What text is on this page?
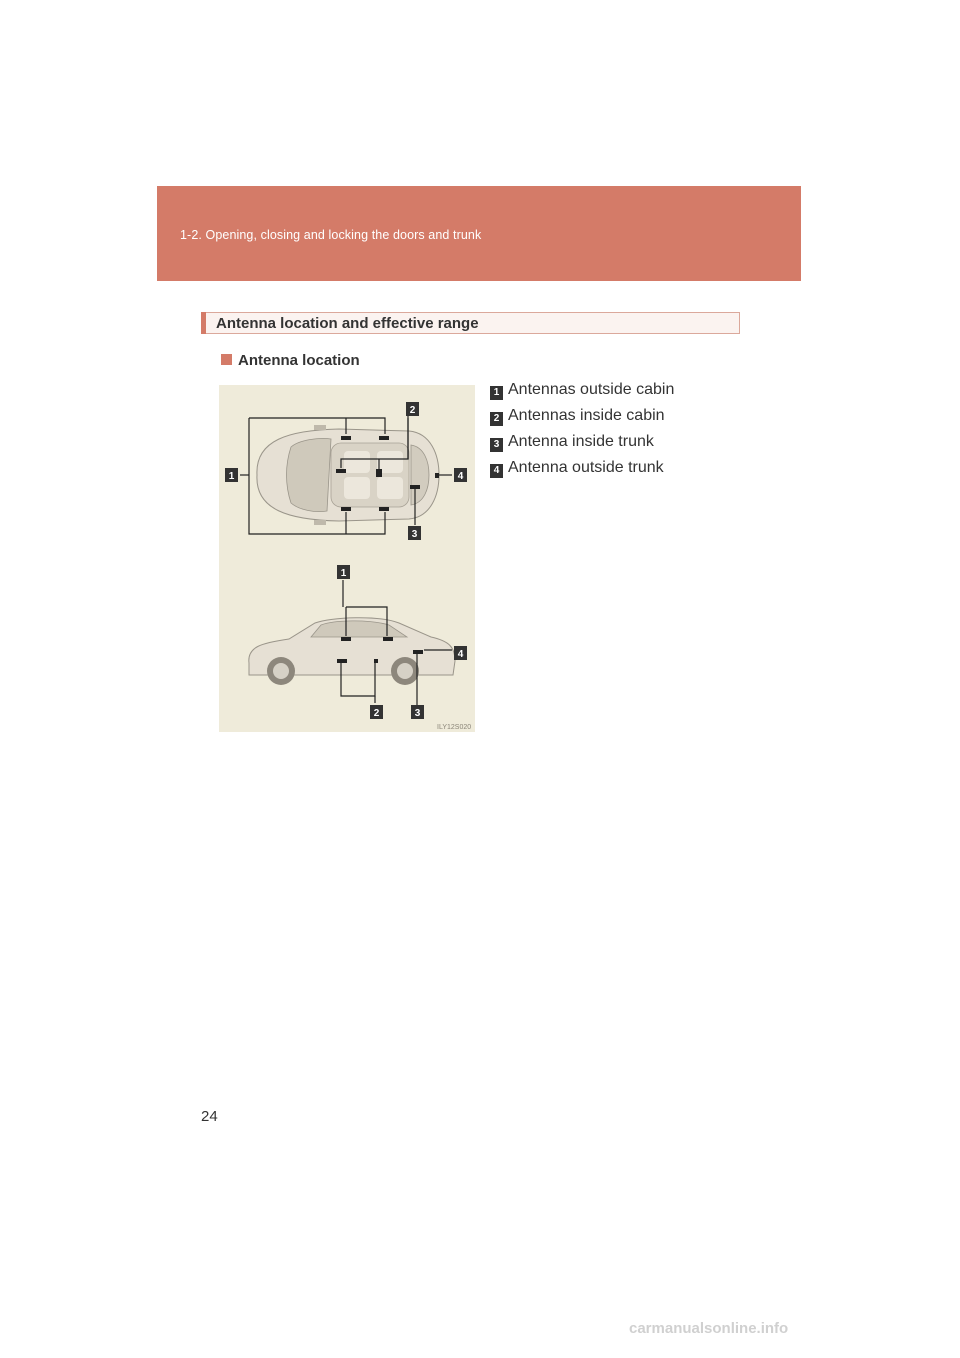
1-2. Opening, closing and locking the doors and trunk
Antenna location and effective range
Antenna location
2
1	4
3
1
4
2	3
ILY12S020
1 Antennas outside cabin
2 Antennas inside cabin
3 Antenna inside trunk
4 Antenna outside trunk
24
carmanualsonline.info
